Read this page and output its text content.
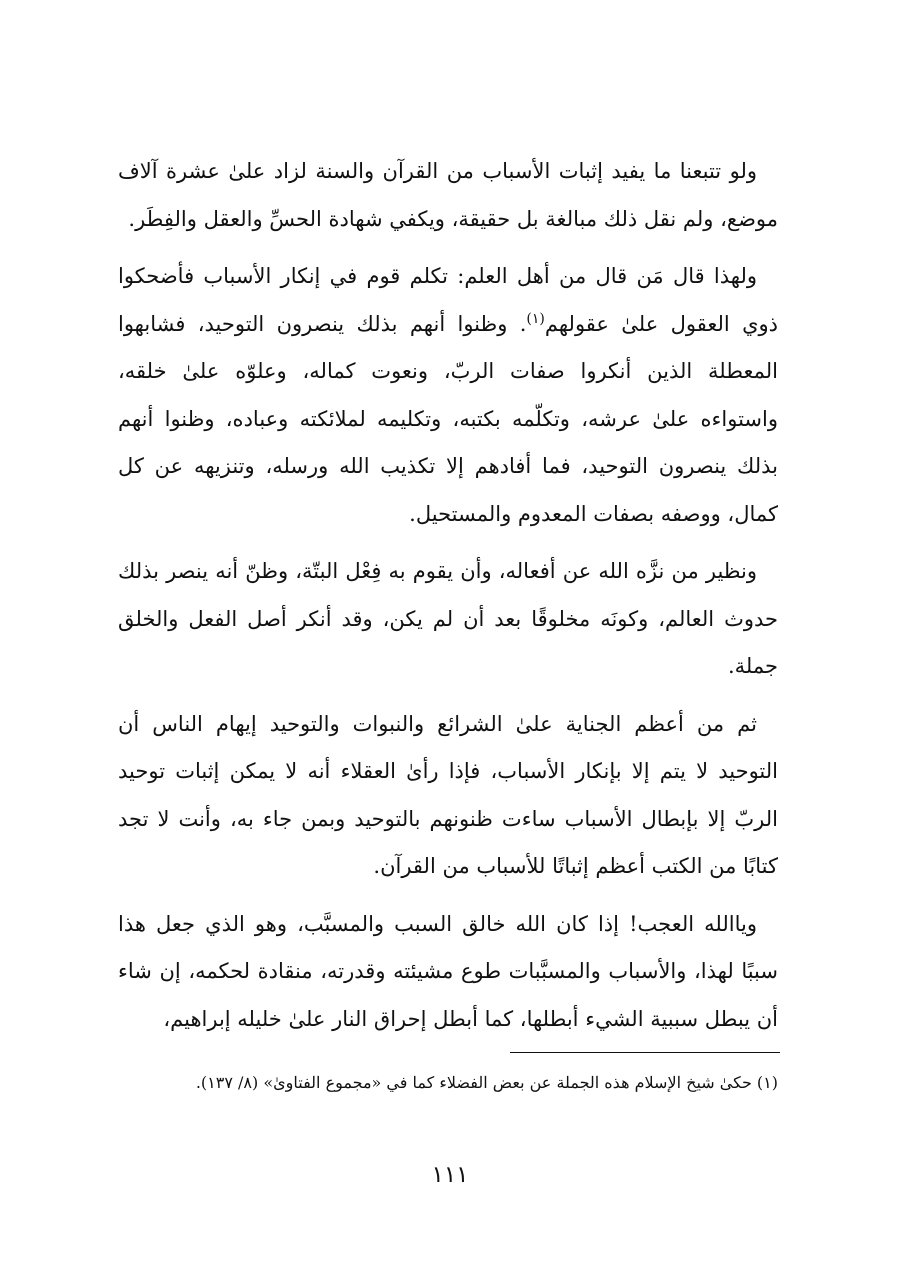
ولو تتبعنا ما يفيد إثبات الأسباب من القرآن والسنة لزاد علىٰ عشرة آلاف موضع، ولم نقل ذلك مبالغة بل حقيقة، ويكفي شهادة الحسِّ والعقل والفِطَر.

ولهذا قال مَن قال من أهل العلم: تكلم قوم في إنكار الأسباب فأضحكوا ذوي العقول علىٰ عقولهم$^{(١)}$. وظنوا أنهم بذلك ينصرون التوحيد، فشابهوا المعطلة الذين أنكروا صفات الربّ، ونعوت كماله، وعلوّه علىٰ خلقه، واستواءه علىٰ عرشه، وتكلّمه بكتبه، وتكليمه لملائكته وعباده، وظنوا أنهم بذلك ينصرون التوحيد، فما أفادهم إلا تكذيب الله ورسله، وتنزيهه عن كل كمال، ووصفه بصفات المعدوم والمستحيل.

ونظير من نزَّه الله عن أفعاله، وأن يقوم به فِعْل البتّة، وظنّ أنه ينصر بذلك حدوث العالم، وكونَه مخلوقًا بعد أن لم يكن، وقد أنكر أصل الفعل والخلق جملة.

ثم من أعظم الجناية علىٰ الشرائع والنبوات والتوحيد إيهام الناس أن التوحيد لا يتم إلا بإنكار الأسباب، فإذا رأىٰ العقلاء أنه لا يمكن إثبات توحيد الربّ إلا بإبطال الأسباب ساءت ظنونهم بالتوحيد وبمن جاء به، وأنت لا تجد كتابًا من الكتب أعظم إثباتًا للأسباب من القرآن.

وياالله العجب! إذا كان الله خالق السبب والمسبَّب، وهو الذي جعل هذا سببًا لهذا، والأسباب والمسبَّبات طوع مشيئته وقدرته، منقادة لحكمه، إن شاء أن يبطل سببية الشيء أبطلها، كما أبطل إحراق النار علىٰ خليله إبراهيم،

(١) حكىٰ شيخ الإسلام هذه الجملة عن بعض الفضلاء كما في «مجموع الفتاوىٰ» (٨/ ١٣٧).
١١١
